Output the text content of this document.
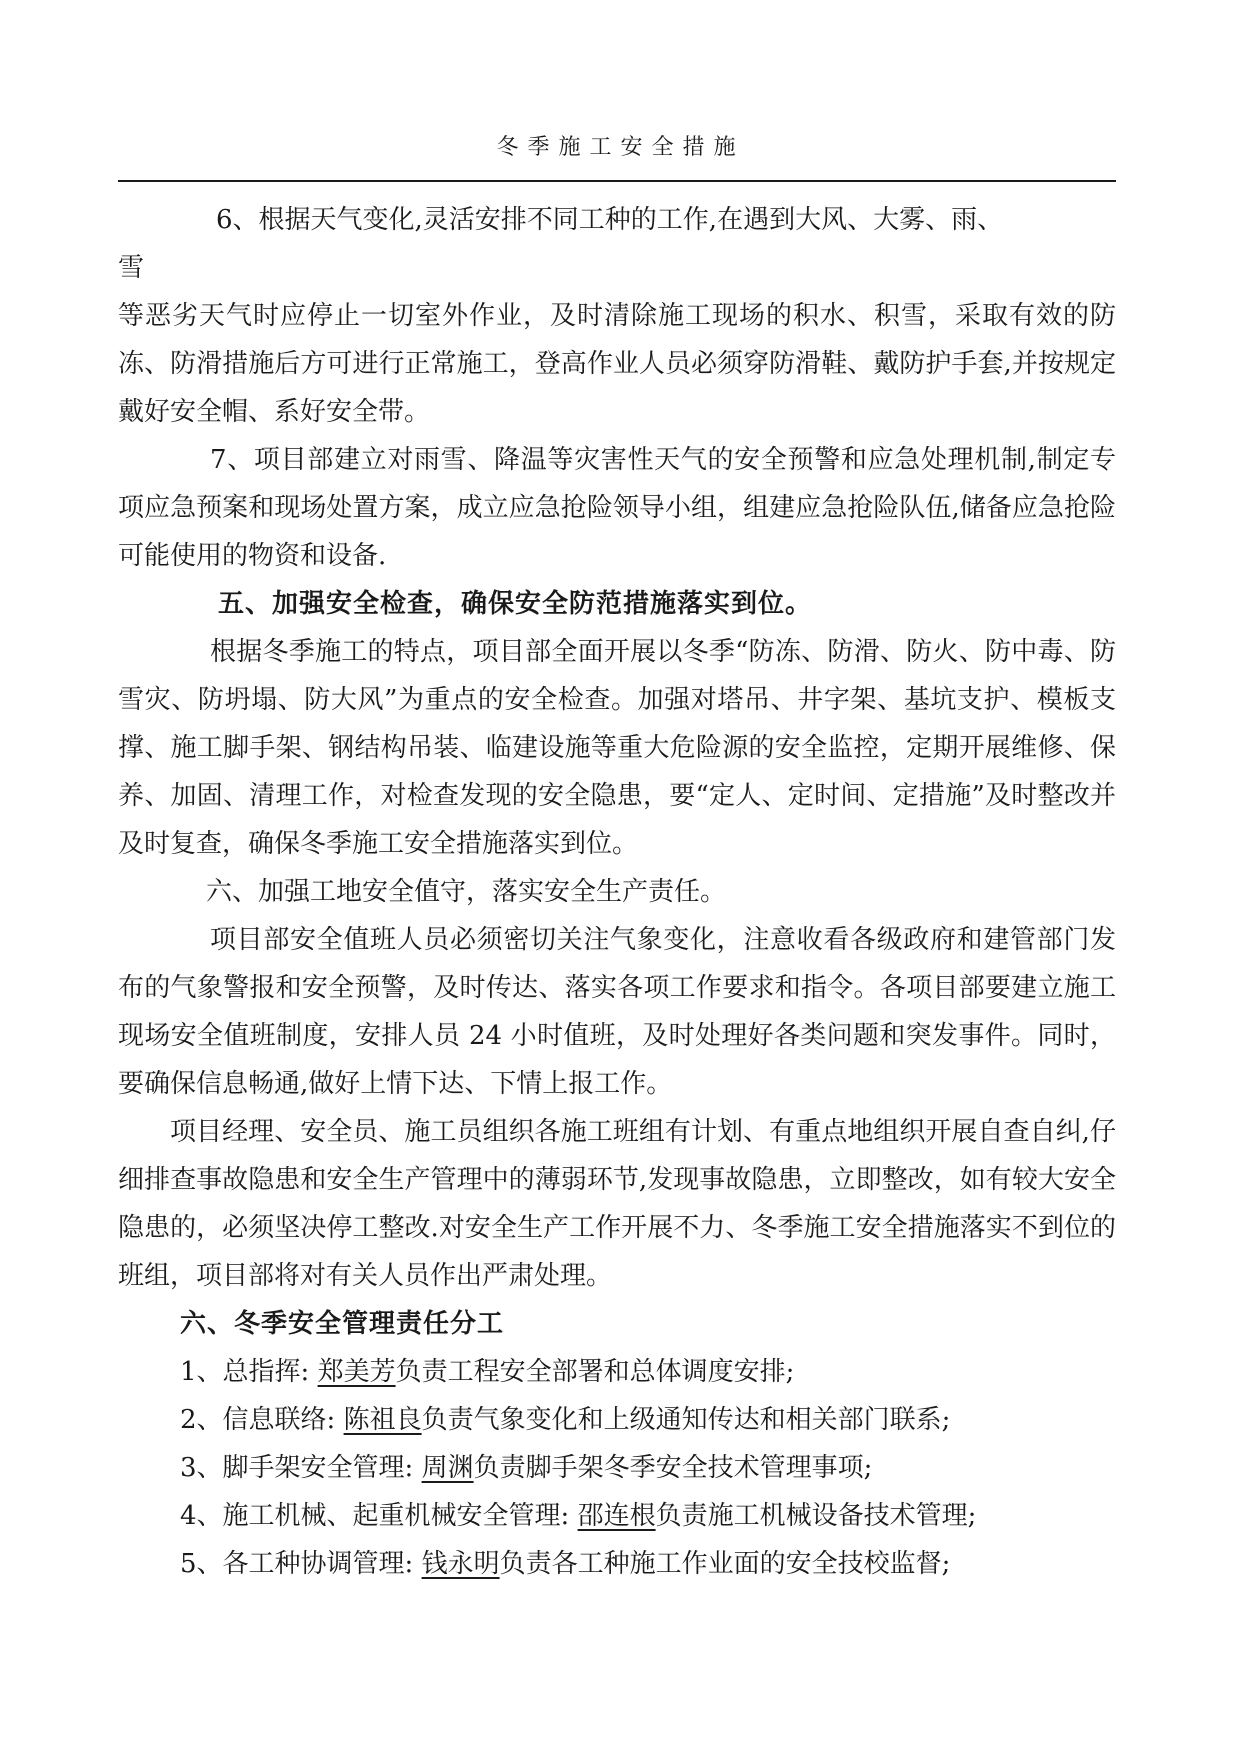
冬季施工安全措施

6、根据天气变化,灵活安排不同工种的工作,在遇到大风、大雾、雨、

雪

等恶劣天气时应停止一切室外作业，及时清除施工现场的积水、积雪，采取有效的防冻、防滑措施后方可进行正常施工，登高作业人员必须穿防滑鞋、戴防护手套,并按规定戴好安全帽、系好安全带。

7、项目部建立对雨雪、降温等灾害性天气的安全预警和应急处理机制,制定专项应急预案和现场处置方案，成立应急抢险领导小组，组建应急抢险队伍,储备应急抢险可能使用的物资和设备.

五、加强安全检查，确保安全防范措施落实到位。

根据冬季施工的特点，项目部全面开展以冬季“防冻、防滑、防火、防中毒、防雪灾、防坍塌、防大风”为重点的安全检查。加强对塔吊、井字架、基坑支护、模板支撑、施工脚手架、钢结构吊装、临建设施等重大危险源的安全监控，定期开展维修、保养、加固、清理工作，对检查发现的安全隐患，要“定人、定时间、定措施”及时整改并及时复查，确保冬季施工安全措施落实到位。

六、加强工地安全值守，落实安全生产责任。

项目部安全值班人员必须密切关注气象变化，注意收看各级政府和建管部门发布的气象警报和安全预警，及时传达、落实各项工作要求和指令。各项目部要建立施工现场安全值班制度，安排人员 24 小时值班，及时处理好各类问题和突发事件。同时，要确保信息畅通,做好上情下达、下情上报工作。

项目经理、安全员、施工员组织各施工班组有计划、有重点地组织开展自查自纠,仔细排查事故隐患和安全生产管理中的薄弱环节,发现事故隐患，立即整改，如有较大安全隐患的，必须坚决停工整改.对安全生产工作开展不力、冬季施工安全措施落实不到位的班组，项目部将对有关人员作出严肃处理。

六、冬季安全管理责任分工

1、总指挥: 郑美芳负责工程安全部署和总体调度安排;

2、信息联络: 陈祖良负责气象变化和上级通知传达和相关部门联系;

3、脚手架安全管理: 周渊负责脚手架冬季安全技术管理事项;

4、施工机械、起重机械安全管理: 邵连根负责施工机械设备技术管理;

5、各工种协调管理: 钱永明负责各工种施工作业面的安全技校监督;
